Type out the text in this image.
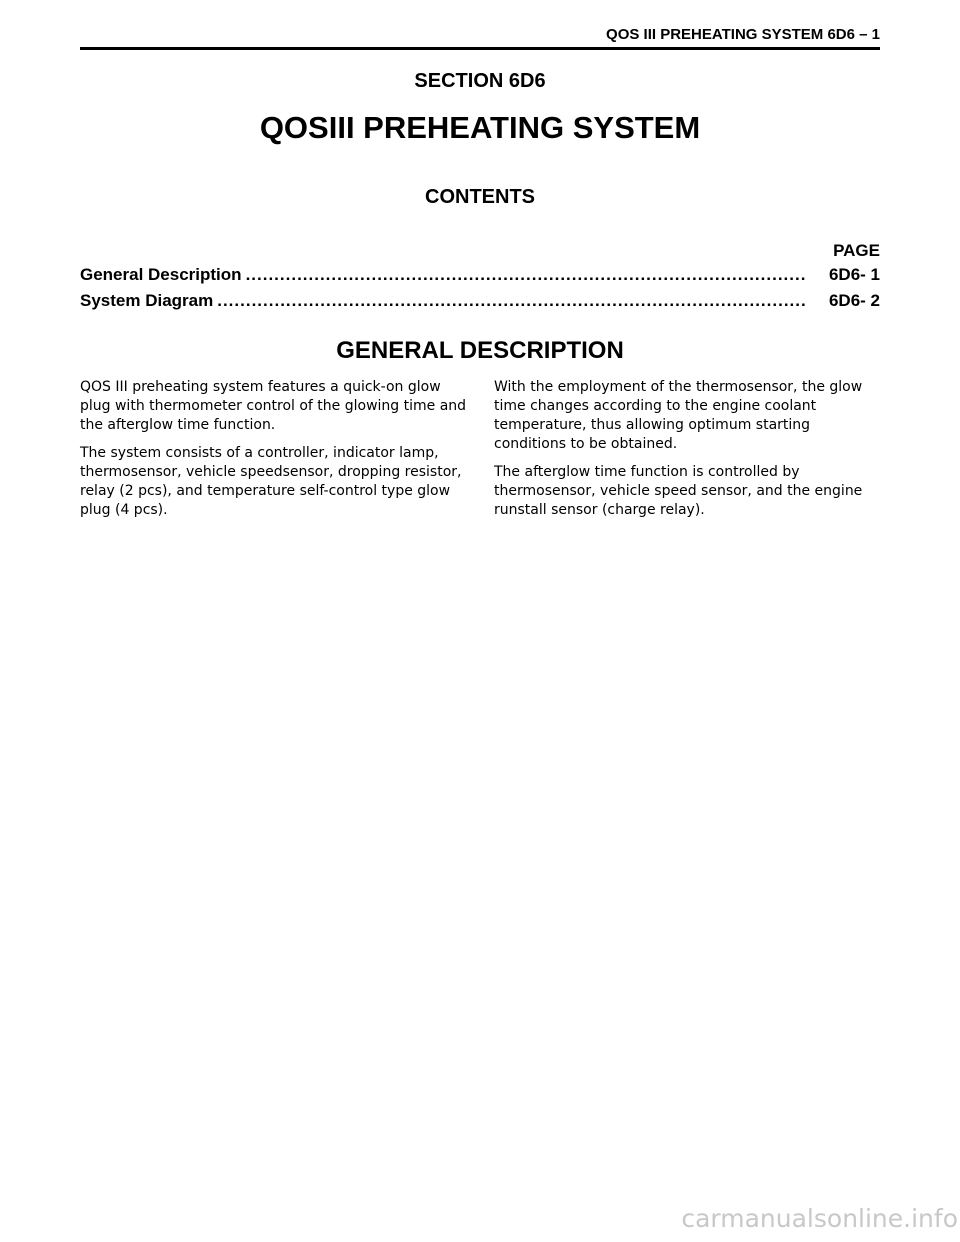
QOS III PREHEATING SYSTEM 6D6 – 1
SECTION 6D6
QOSIII PREHEATING SYSTEM
CONTENTS
PAGE
General Description .....	6D6- 1
System Diagram .....	6D6- 2
GENERAL DESCRIPTION

QOS III preheating system features a quick-on glow plug with thermometer control of the glowing time and the afterglow time function.

The system consists of a controller, indicator lamp, thermosensor, vehicle speedsensor, dropping resistor, relay (2 pcs), and temperature self-control type glow plug (4 pcs).

With the employment of the thermosensor, the glow time changes according to the engine coolant temperature, thus allowing optimum starting conditions to be obtained.

The afterglow time function is controlled by thermosensor, vehicle speed sensor, and the engine runstall sensor (charge relay).

carmanualsonline.info
